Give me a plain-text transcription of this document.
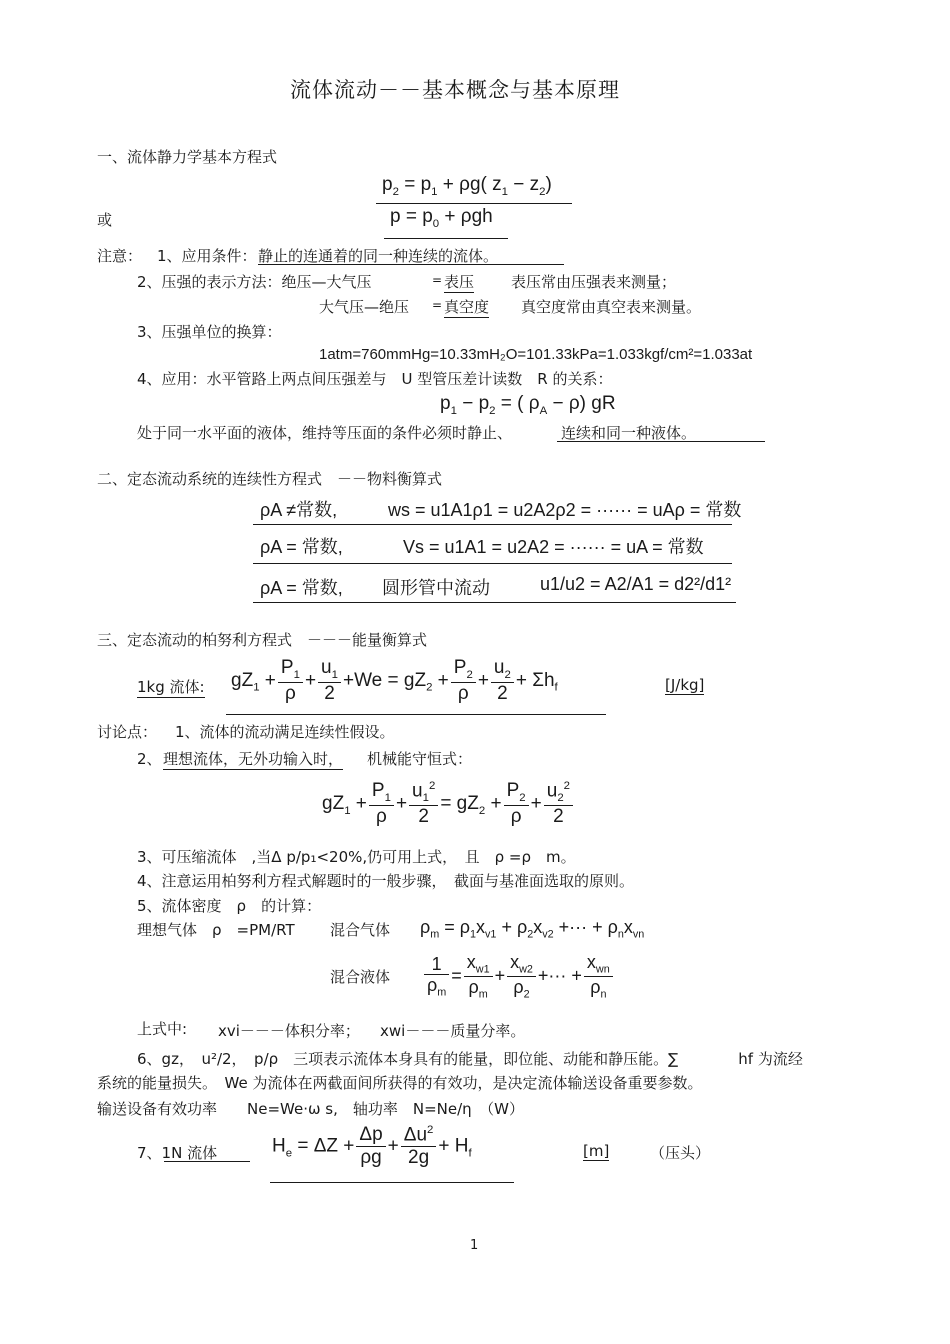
流体流动－－基本概念与基本原理
一、流体静力学基本方程式
$p_2 = p_1 + \rho g$( $z_1 - z_2$)
或	$p = p_0 + \rho gh$
注意： 1、应用条件： 静止的连通着的同一种连续的流体。
2、压强的表示方法：绝压—大气压	= 表压 表压常由压强表来测量；
大气压—绝压 = 真空度 真空度常由真空表来测量。
3、压强单位的换算：
1atm=760mmHg=10.33mH₂O=101.33kPa=1.033kgf/cm²=1.033at
4、应用：水平管路上两点间压强差与　U 型管压差计读数　R 的关系：
$p_1 - p_2$ = ( $\rho_A - \rho$) gR
处于同一水平面的液体，维持等压面的条件必须时静止、	连续和同一种液体。
二、定态流动系统的连续性方程式　－－物料衡算式
ρA ≠常数,	ws = u1A1ρ1 = u2A2ρ2 = ······ = uAρ = 常数
ρA = 常数,	Vs = u1A1 = u2A2 = ······ = uA = 常数
ρA = 常数, 圆形管中流动	u1/u2 = A2/A1 = d2²/d1²
三、定态流动的柏努利方程式　－－－能量衡算式
1kg 流体: $gZ_1 + \frac{P_1}{\rho} + \frac{u_1}{2} +We = gZ_2 + \frac{P_2}{\rho} + \frac{u_2}{2} + \Sigma h_f$	[J/kg]
讨论点： 1、流体的流动满足连续性假设。
2、 理想流体，无外功输入时， 机械能守恒式：
$gZ_1 + \frac{P_1}{\rho} + \frac{u_1^2}{2} = gZ_2 + \frac{P_2}{\rho} + \frac{u_2^2}{2}$
3、可压缩流体　,当Δ p/p₁<20%,仍可用上式，　且　ρ =ρ　m。
4、注意运用柏努利方程式解题时的一般步骤，　截面与基准面选取的原则。
5、流体密度　ρ　的计算：
理想气体　ρ　=PM/RT 混合气体 $\rho_m = \rho_1x_{v1} + \rho_2x_{v2}$ +··· + $\rho_nx_{vn}$
混合液体 $\frac{1}{\rho_m} = \frac{x_{w1}}{\rho_m} + \frac{x_{w2}}{\rho_2}$ +··· + $\frac{x_{wn}}{\rho_n}$
上式中: xvi－－－体积分率； xwi－－－质量分率。
6、gz，　u²/2，　p/ρ　三项表示流体本身具有的能量，即位能、动能和静压能。∑　　　　hf 为流经
系统的能量损失。　We 为流体在两截面间所获得的有效功，是决定流体输送设备重要参数。
输送设备有效功率　　Ne=We·ω s,　轴功率　N=Ne/η　（W）
7、1N 流体	$H_e = \Delta Z + \frac{\Delta p}{\rho g} + \frac{\Delta u^2}{2g} + H_f$	[m]	（压头）
1
